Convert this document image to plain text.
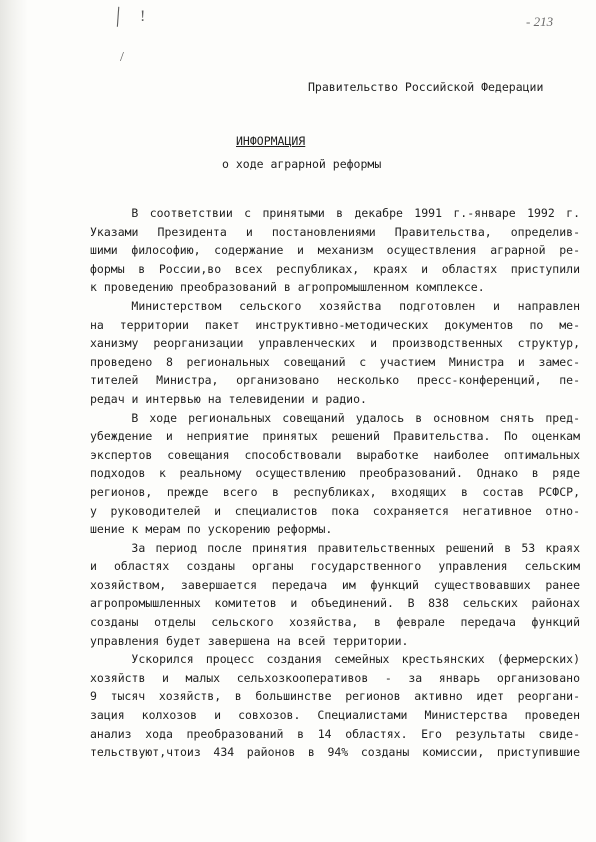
| !
/
- 213
Правительство Российской Федерации
ИНФОРМАЦИЯ
о ходе аграрной реформы
В соответствии с принятыми в декабре 1991 г.-январе 1992 г.
Указами Президента и постановлениями Правительства, определив-
шими философию, содержание и механизм осуществления аграрной ре-
формы в России,во всех республиках, краях и областях приступили
к проведению преобразований в агропромышленном комплексе.
Министерством сельского хозяйства подготовлен и направлен
на территории пакет инструктивно-методических документов по ме-
ханизму реорганизации управленческих и производственных структур,
проведено 8 региональных совещаний с участием Министра и замес-
тителей Министра, организовано несколько пресс-конференций, пе-
редач и интервью на телевидении и радио.
В ходе региональных совещаний удалось в основном снять пред-
убеждение и неприятие принятых решений Правительства. По оценкам
экспертов совещания способствовали выработке наиболее оптимальных
подходов к реальному осуществлению преобразований. Однако в ряде
регионов, прежде всего в республиках, входящих в состав РСФСР,
у руководителей и специалистов пока сохраняется негативное отно-
шение к мерам по ускорению реформы.
За период после принятия правительственных решений в 53 краях
и областях созданы органы государственного управления сельским
хозяйством, завершается передача им функций существовавших ранее
агропромышленных комитетов и объединений. В 838 сельских районах
созданы отделы сельского хозяйства, в феврале передача функций
управления будет завершена на всей территории.
Ускорился процесс создания семейных крестьянских (фермерских)
хозяйств и малых сельхозкооперативов - за январь организовано
9 тысяч хозяйств, в большинстве регионов активно идет реоргани-
зация колхозов и совхозов. Специалистами Министерства проведен
анализ хода преобразований в 14 областях. Его результаты свиде-
тельствуют,чтоиз 434 районов в 94% созданы комиссии, приступившие
